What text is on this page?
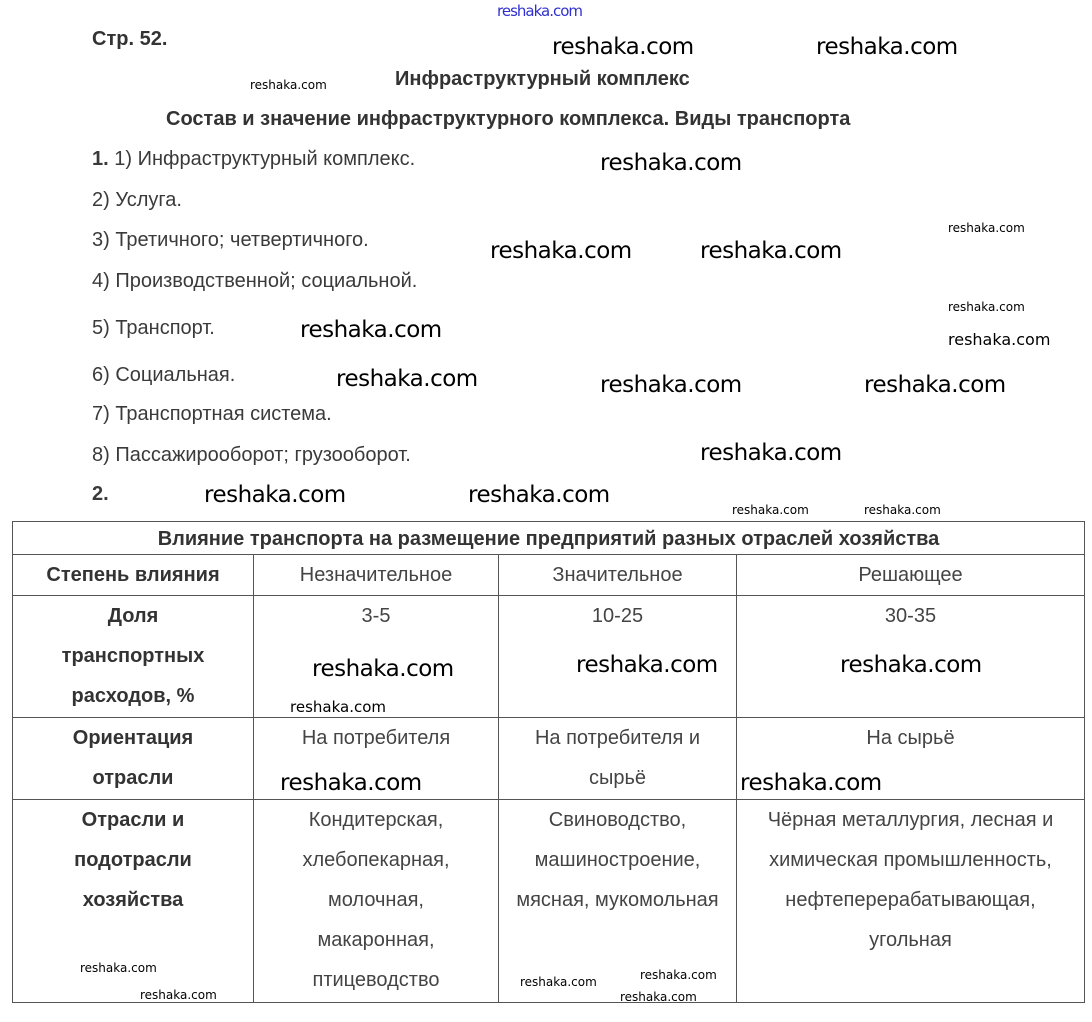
reshaka.com
Стр. 52.
Инфраструктурный комплекс
Состав и значение инфраструктурного комплекса. Виды транспорта
1. 1) Инфраструктурный комплекс.
2) Услуга.
3) Третичного; четвертичного.
4) Производственной; социальной.
5) Транспорт.
6) Социальная.
7) Транспортная система.
8) Пассажирооборот; грузооборот.
2.
Влияние транспорта на размещение предприятий разных отраслей хозяйства			
Степень влияния	Незначительное	Значительное	Решающее
Доля транспортных расходов, %	3-5	10-25	30-35
Ориентация отрасли	На потребителя	На потребителя и сырьё	На сырьё
Отрасли и подотрасли хозяйства	Кондитерская, хлебопекарная, молочная, макаронная, птицеводство	Свиноводство, машиностроение, мясная, мукомольная	Чёрная металлургия, лесная и химическая промышленность, нефтеперерабатывающая, угольная
reshaka.com
reshaka.com	reshaka.com
reshaka.com
reshaka.com
reshaka.com	reshaka.com
reshaka.com
reshaka.com	reshaka.com	reshaka.com
reshaka.com	reshaka.com
reshaka.com	reshaka.com
reshaka.com
reshaka.com
reshaka.com
reshaka.com
reshaka.com
reshaka.com
reshaka.com
reshaka.com
reshaka.com
reshaka.com
reshaka.com	reshaka.com
reshaka.com	reshaka.com
